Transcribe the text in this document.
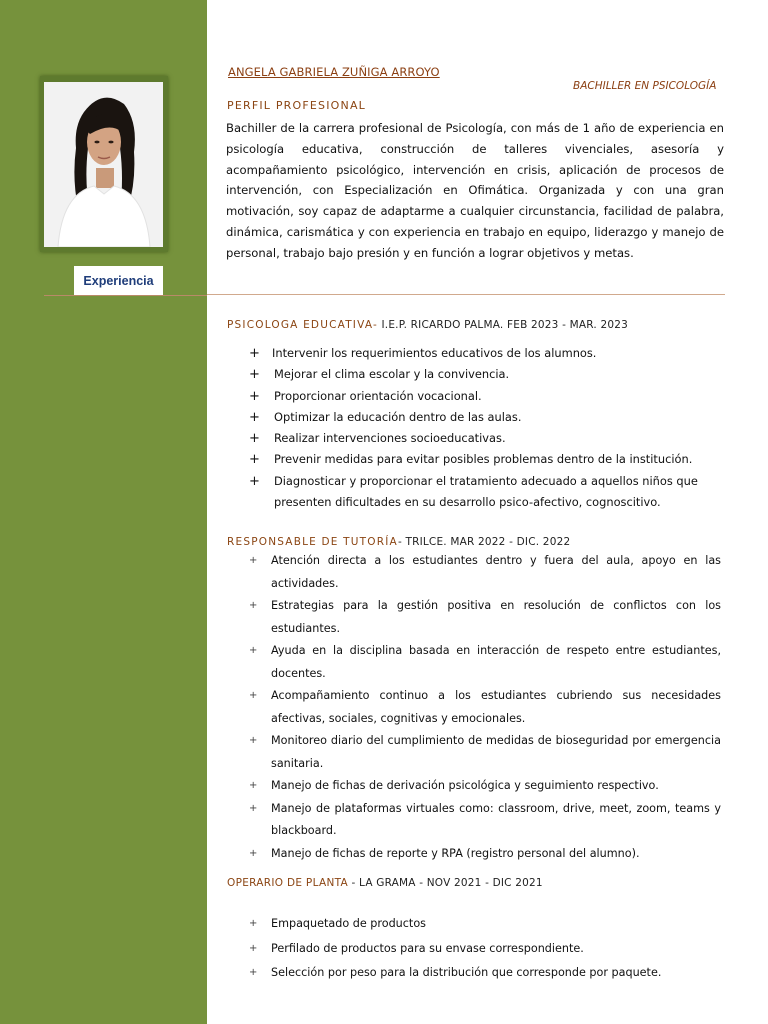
Experiencia
ANGELA GABRIELA ZUÑIGA ARROYO
BACHILLER EN PSICOLOGÍA
PERFIL PROFESIONAL
Bachiller de la carrera profesional de Psicología, con más de 1 año de experiencia en psicología educativa, construcción de talleres vivenciales, asesoría y acompañamiento psicológico, intervención en crisis, aplicación de procesos de intervención, con Especialización en Ofimática. Organizada y con una gran motivación, soy capaz de adaptarme a cualquier circunstancia, facilidad de palabra, dinámica, carismática y con experiencia en trabajo en equipo, liderazgo y manejo de personal, trabajo bajo presión y en función a lograr objetivos y metas.
PSICOLOGA EDUCATIVA- I.E.P. RICARDO PALMA. FEB 2023 - MAR. 2023
+ Intervenir los requerimientos educativos de los alumnos.
+ Mejorar el clima escolar y la convivencia.
+ Proporcionar orientación vocacional.
+ Optimizar la educación dentro de las aulas.
+ Realizar intervenciones socioeducativas.
+ Prevenir medidas para evitar posibles problemas dentro de la institución.
+ Diagnosticar y proporcionar el tratamiento adecuado a aquellos niños que presenten dificultades en su desarrollo psico-afectivo, cognoscitivo.
RESPONSABLE DE TUTORÍA- TRILCE. MAR 2022 - DIC. 2022
+ Atención directa a los estudiantes dentro y fuera del aula, apoyo en las actividades.
+ Estrategias para la gestión positiva en resolución de conflictos con los estudiantes.
+ Ayuda en la disciplina basada en interacción de respeto entre estudiantes, docentes.
+ Acompañamiento continuo a los estudiantes cubriendo sus necesidades afectivas, sociales, cognitivas y emocionales.
+ Monitoreo diario del cumplimiento de medidas de bioseguridad por emergencia sanitaria.
+ Manejo de fichas de derivación psicológica y seguimiento respectivo.
+ Manejo de plataformas virtuales como: classroom, drive, meet, zoom, teams y blackboard.
+ Manejo de fichas de reporte y RPA (registro personal del alumno).
OPERARIO DE PLANTA - LA GRAMA - NOV 2021 - DIC 2021
+ Empaquetado de productos
+ Perfilado de productos para su envase correspondiente.
+ Selección por peso para la distribución que corresponde por paquete.
